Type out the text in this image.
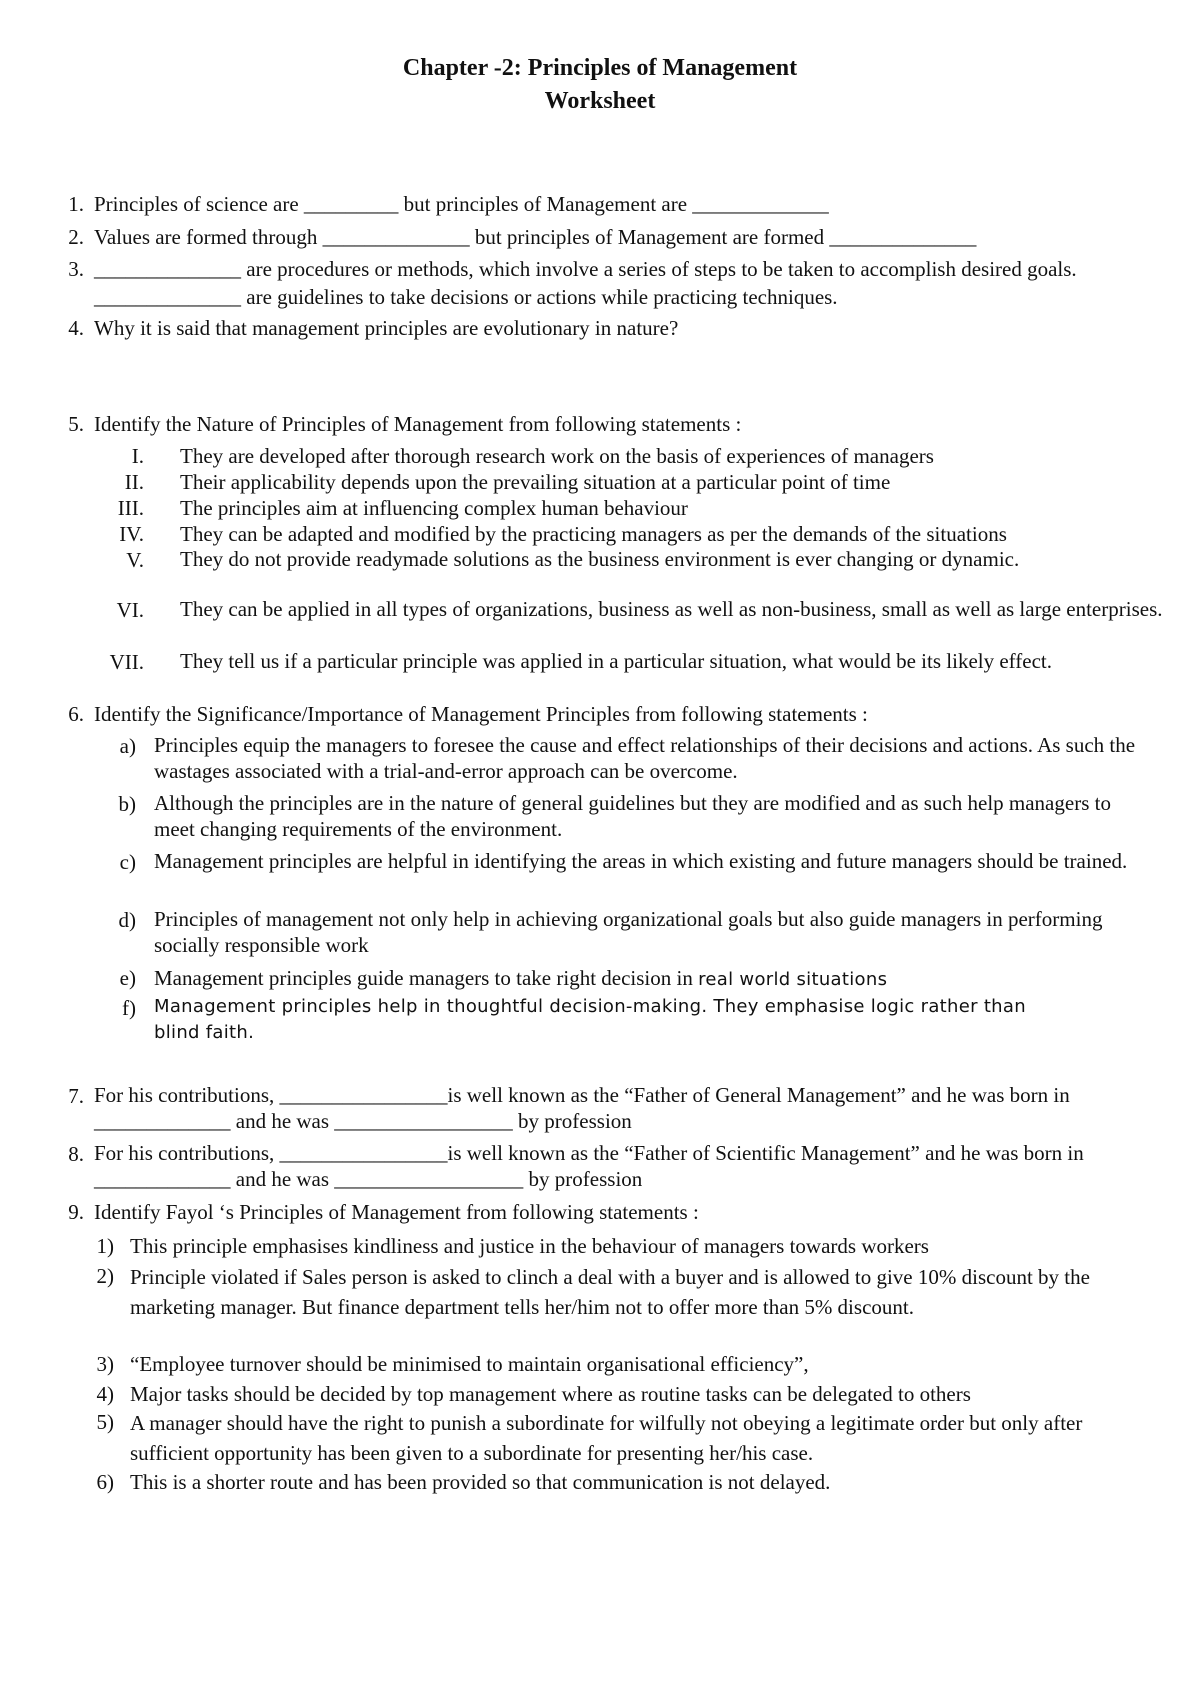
Chapter -2: Principles of Management
Worksheet
1. Principles of science are _________ but principles of Management are _____________
2. Values are formed through ______________ but principles of Management are formed ______________
3. ______________ are procedures or methods, which involve a series of steps to be taken to accomplish desired goals. ______________ are guidelines to take decisions or actions while practicing techniques.
4. Why it is said that management principles are evolutionary in nature?
5. Identify the Nature of Principles of Management from following statements :
I. They are developed after thorough research work on the basis of experiences of managers
II. Their applicability depends upon the prevailing situation at a particular point of time
III. The principles aim at influencing complex human behaviour
IV. They can be adapted and modified by the practicing managers as per the demands of the situations
V. They do not provide readymade solutions as the business environment is ever changing or dynamic.
VI. They can be applied in all types of organizations, business as well as non-business, small as well as large enterprises.
VII. They tell us if a particular principle was applied in a particular situation, what would be its likely effect.
6. Identify the Significance/Importance of Management Principles from following statements :
a) Principles equip the managers to foresee the cause and effect relationships of their decisions and actions. As such the wastages associated with a trial-and-error approach can be overcome.
b) Although the principles are in the nature of general guidelines but they are modified and as such help managers to meet changing requirements of the environment.
c) Management principles are helpful in identifying the areas in which existing and future managers should be trained.
d) Principles of management not only help in achieving organizational goals but also guide managers in performing socially responsible work
e) Management principles guide managers to take right decision in real world situations
f) Management principles help in thoughtful decision-making. They emphasise logic rather than blind faith.
7. For his contributions, ________________is well known as the “Father of General Management” and he was born in _____________ and he was _________________ by profession
8. For his contributions, ________________is well known as the “Father of Scientific Management” and he was born in _____________ and he was __________________ by profession
9. Identify Fayol ‘s Principles of Management from following statements :
1) This principle emphasises kindliness and justice in the behaviour of managers towards workers
2) Principle violated if Sales person is asked to clinch a deal with a buyer and is allowed to give 10% discount by the marketing manager. But finance department tells her/him not to offer more than 5% discount.
3) “Employee turnover should be minimised to maintain organisational efficiency”,
4) Major tasks should be decided by top management where as routine tasks can be delegated to others
5) A manager should have the right to punish a subordinate for wilfully not obeying a legitimate order but only after sufficient opportunity has been given to a subordinate for presenting her/his case.
6) This is a shorter route and has been provided so that communication is not delayed.
